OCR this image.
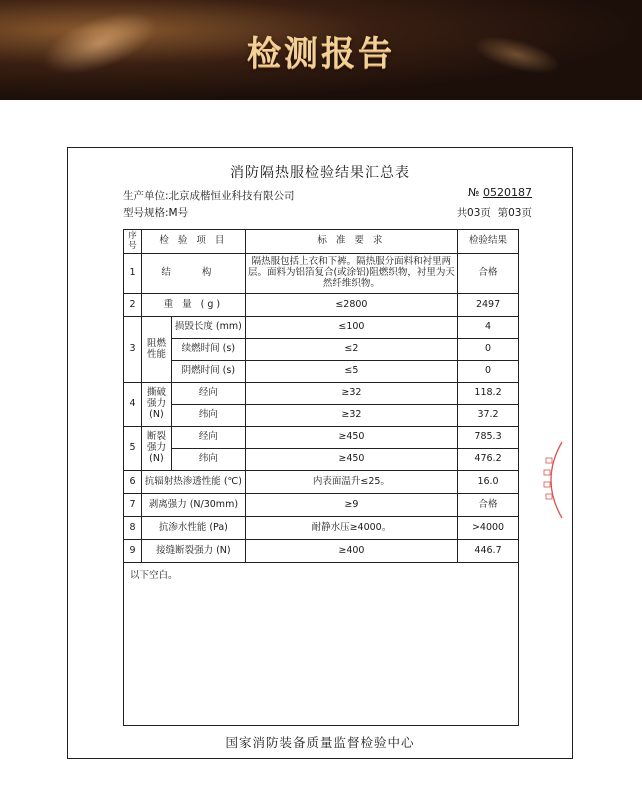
检测报告
消防隔热服检验结果汇总表
生产单位:北京成楷恒业科技有限公司	№ 0520187
型号规格:M号	共03页 第03页
序号	检 验 项 目		标 准 要 求	检验结果
1	结 构		隔热服包括上衣和下裤。隔热服分面料和衬里两层。面料为铝箔复合(或涂铝)阻燃织物，衬里为天然纤维织物。	合格
2	重 量 (g)		≤2800	2497
3	阻燃性能	损毁长度 (mm)	≤100	4
		续燃时间 (s)	≤2	0
		阴燃时间 (s)	≤5	0
4	撕破强力(N)	经向	≥32	118.2
		纬向	≥32	37.2
5	断裂强力(N)	经向	≥450	785.3
		纬向	≥450	476.2
6	抗辐射热渗透性能 (℃)		内表面温升≤25。	16.0
7	剥离强力 (N/30mm)		≥9	合格
8	抗渗水性能 (Pa)		耐静水压≥4000。	>4000
9	接缝断裂强力 (N)		≥400	446.7
以下空白。				
国家消防装备质量监督检验中心
